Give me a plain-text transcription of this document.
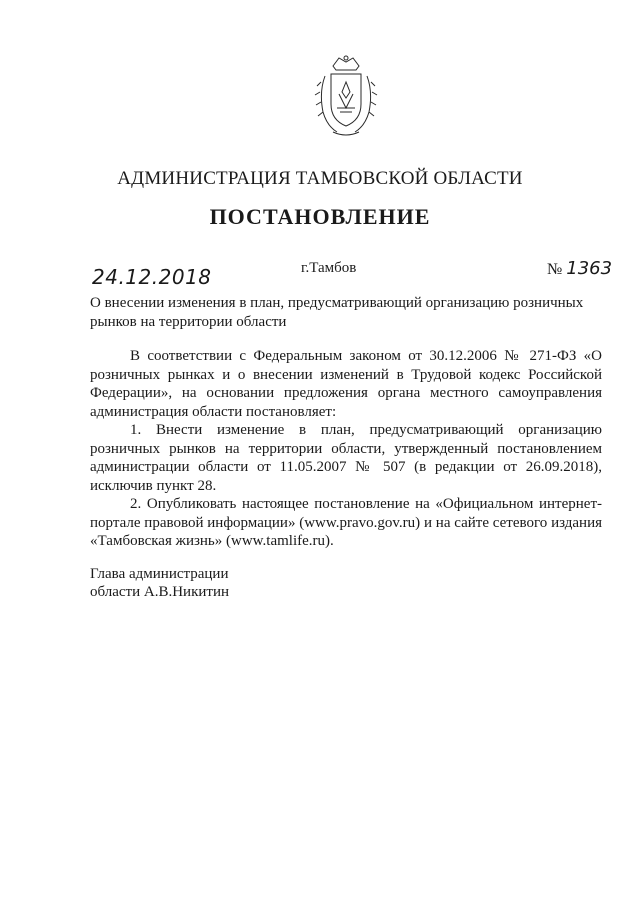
АДМИНИСТРАЦИЯ ТАМБОВСКОЙ ОБЛАСТИ
ПОСТАНОВЛЕНИЕ
24.12.2018	г.Тамбов	№ 1363
О внесении изменения в план, предусматривающий организацию розничных рынков на территории области

В соответствии с Федеральным законом от 30.12.2006 № 271-ФЗ «О розничных рынках и о внесении изменений в Трудовой кодекс Российской Федерации», на основании предложения органа местного самоуправления администрация области постановляет:

1. Внести изменение в план, предусматривающий организацию розничных рынков на территории области, утвержденный постановлением администрации области от 11.05.2007 № 507 (в редакции от 26.09.2018), исключив пункт 28.

2. Опубликовать настоящее постановление на «Официальном интернет-портале правовой информации» (www.pravo.gov.ru) и на сайте сетевого издания «Тамбовская жизнь» (www.tamlife.ru).

Глава администрации
области А.В.Никитин
